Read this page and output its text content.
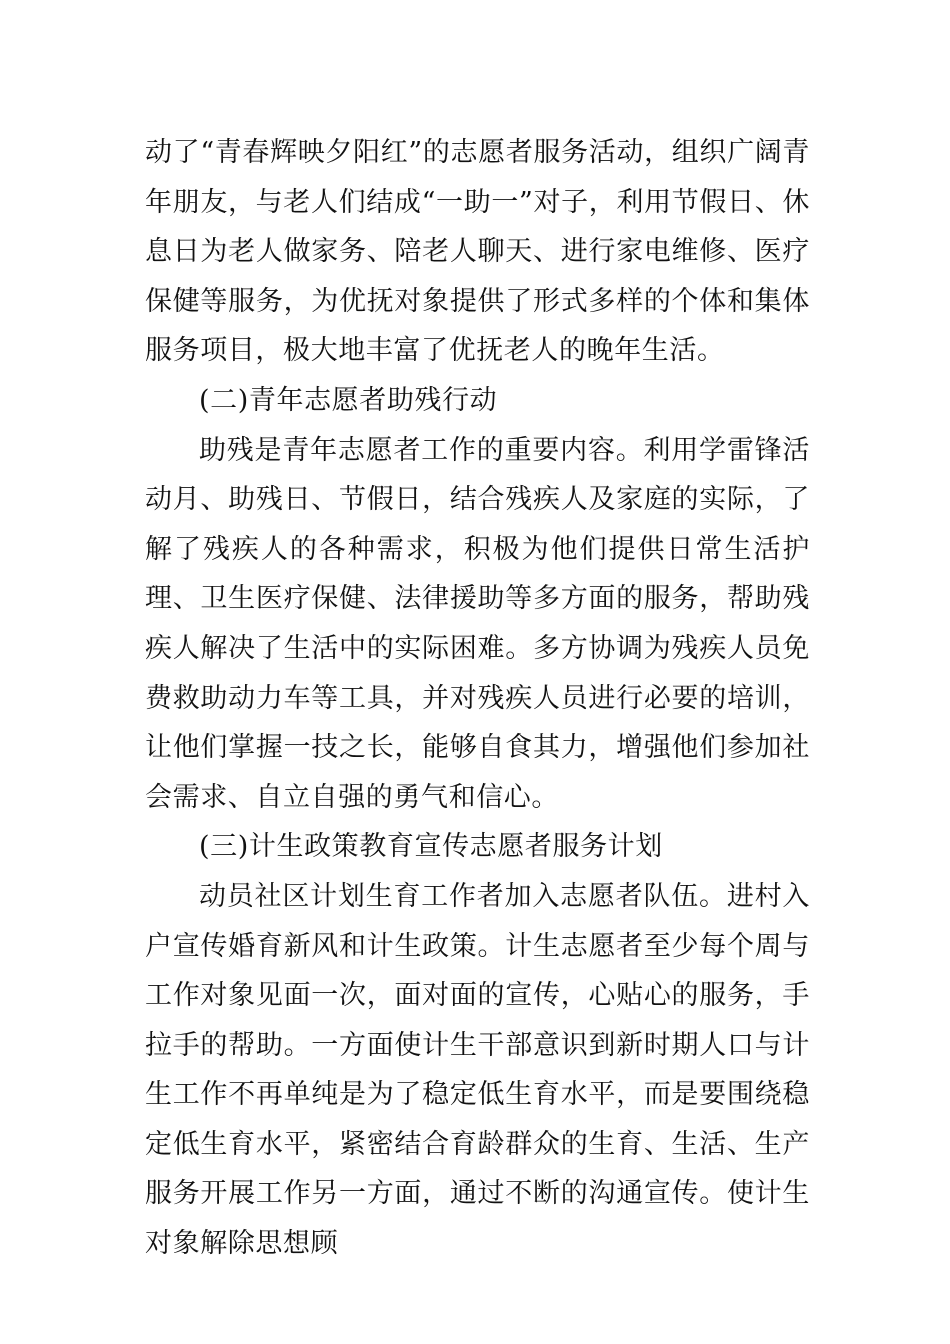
动了“青春辉映夕阳红”的志愿者服务活动，组织广阔青年朋友，与老人们结成“一助一”对子，利用节假日、休息日为老人做家务、陪老人聊天、进行家电维修、医疗保健等服务，为优抚对象提供了形式多样的个体和集体服务项目，极大地丰富了优抚老人的晚年生活。

(二)青年志愿者助残行动

助残是青年志愿者工作的重要内容。利用学雷锋活动月、助残日、节假日，结合残疾人及家庭的实际，了解了残疾人的各种需求，积极为他们提供日常生活护理、卫生医疗保健、法律援助等多方面的服务，帮助残疾人解决了生活中的实际困难。多方协调为残疾人员免费救助动力车等工具，并对残疾人员进行必要的培训，让他们掌握一技之长，能够自食其力，增强他们参加社会需求、自立自强的勇气和信心。

(三)计生政策教育宣传志愿者服务计划

动员社区计划生育工作者加入志愿者队伍。进村入户宣传婚育新风和计生政策。计生志愿者至少每个周与工作对象见面一次，面对面的宣传，心贴心的服务，手拉手的帮助。一方面使计生干部意识到新时期人口与计生工作不再单纯是为了稳定低生育水平，而是要围绕稳定低生育水平，紧密结合育龄群众的生育、生活、生产服务开展工作另一方面，通过不断的沟通宣传。使计生对象解除思想顾
